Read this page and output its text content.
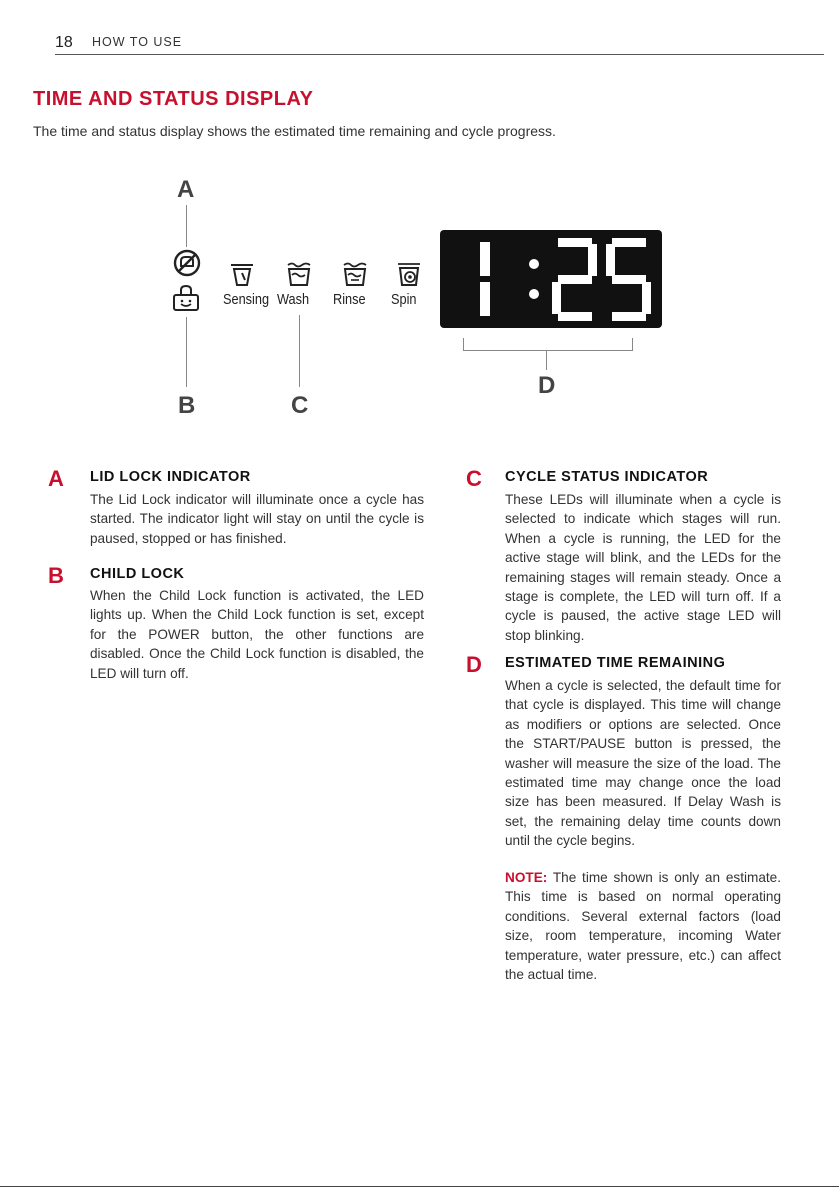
18 HOW TO USE
TIME AND STATUS DISPLAY
The time and status display shows the estimated time remaining and cycle progress.
A
B
Sensing Wash Rinse Spin
C
D
A LID LOCK INDICATOR
The Lid Lock indicator will illuminate once a cycle has started. The indicator light will stay on until the cycle is paused, stopped or has finished.
B CHILD LOCK
When the Child Lock function is activated, the LED lights up. When the Child Lock function is set, except for the POWER button, the other functions are disabled. Once the Child Lock function is disabled, the LED will turn off.
C CYCLE STATUS INDICATOR
These LEDs will illuminate when a cycle is selected to indicate which stages will run. When a cycle is running, the LED for the active stage will blink, and the LEDs for the remaining stages will remain steady. Once a stage is complete, the LED will turn off. If a cycle is paused, the active stage LED will stop blinking.
D ESTIMATED TIME REMAINING
When a cycle is selected, the default time for that cycle is displayed. This time will change as modifiers or options are selected. Once the START/PAUSE button is pressed, the washer will measure the size of the load. The estimated time may change once the load size has been measured. If Delay Wash is set, the remaining delay time counts down until the cycle begins.
NOTE: The time shown is only an estimate. This time is based on normal operating conditions. Several external factors (load size, room temperature, incoming Water temperature, water pressure, etc.) can affect the actual time.
